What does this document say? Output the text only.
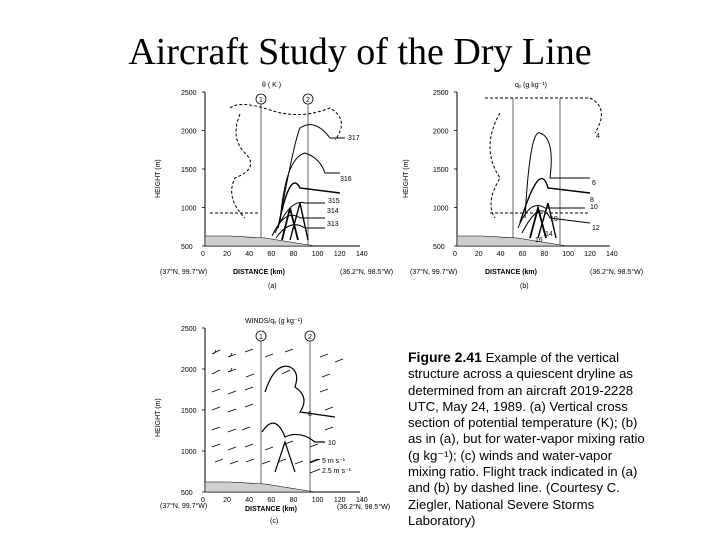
Aircraft Study of the Dry Line
θ ( K )
2500
2000
1500
1000
500
0	20 40 60 80 100 120 140
HEIGHT (m)
DISTANCE (km)
(37°N, 99.7°W)	(36.2°N, 98.5°W)
(a)
1	2
317
316
315
314
313
qᵥ (g kg⁻¹)
2500
2000
1500
1000
500
0	20 40 60 80 100 120 140
HEIGHT (m)
DISTANCE (km)
(37°N, 99.7°W)	(36.2°N, 98.5°W)
(b)
4
6
8
10
10
12
14
16
WINDS/qᵥ (g kg⁻¹)
2500
2000
1500
1000
500
0	20 40 60 80 100 120 140
HEIGHT (m)
DISTANCE (km)
(37°N, 99.7°W)	(36.2°N, 98.5°W)
(c)
1	2
6
10
5 m s⁻¹
2.5 m s⁻¹
Figure 2.41 Example of the vertical structure across a quiescent dryline as determined from an aircraft 2019-2228 UTC, May 24, 1989. (a) Vertical cross section of potential temperature (K); (b) as in (a), but for water-vapor mixing ratio (g kg⁻¹); (c) winds and water-vapor mixing ratio. Flight track indicated in (a) and (b) by dashed line. (Courtesy C. Ziegler, National Severe Storms Laboratory)
